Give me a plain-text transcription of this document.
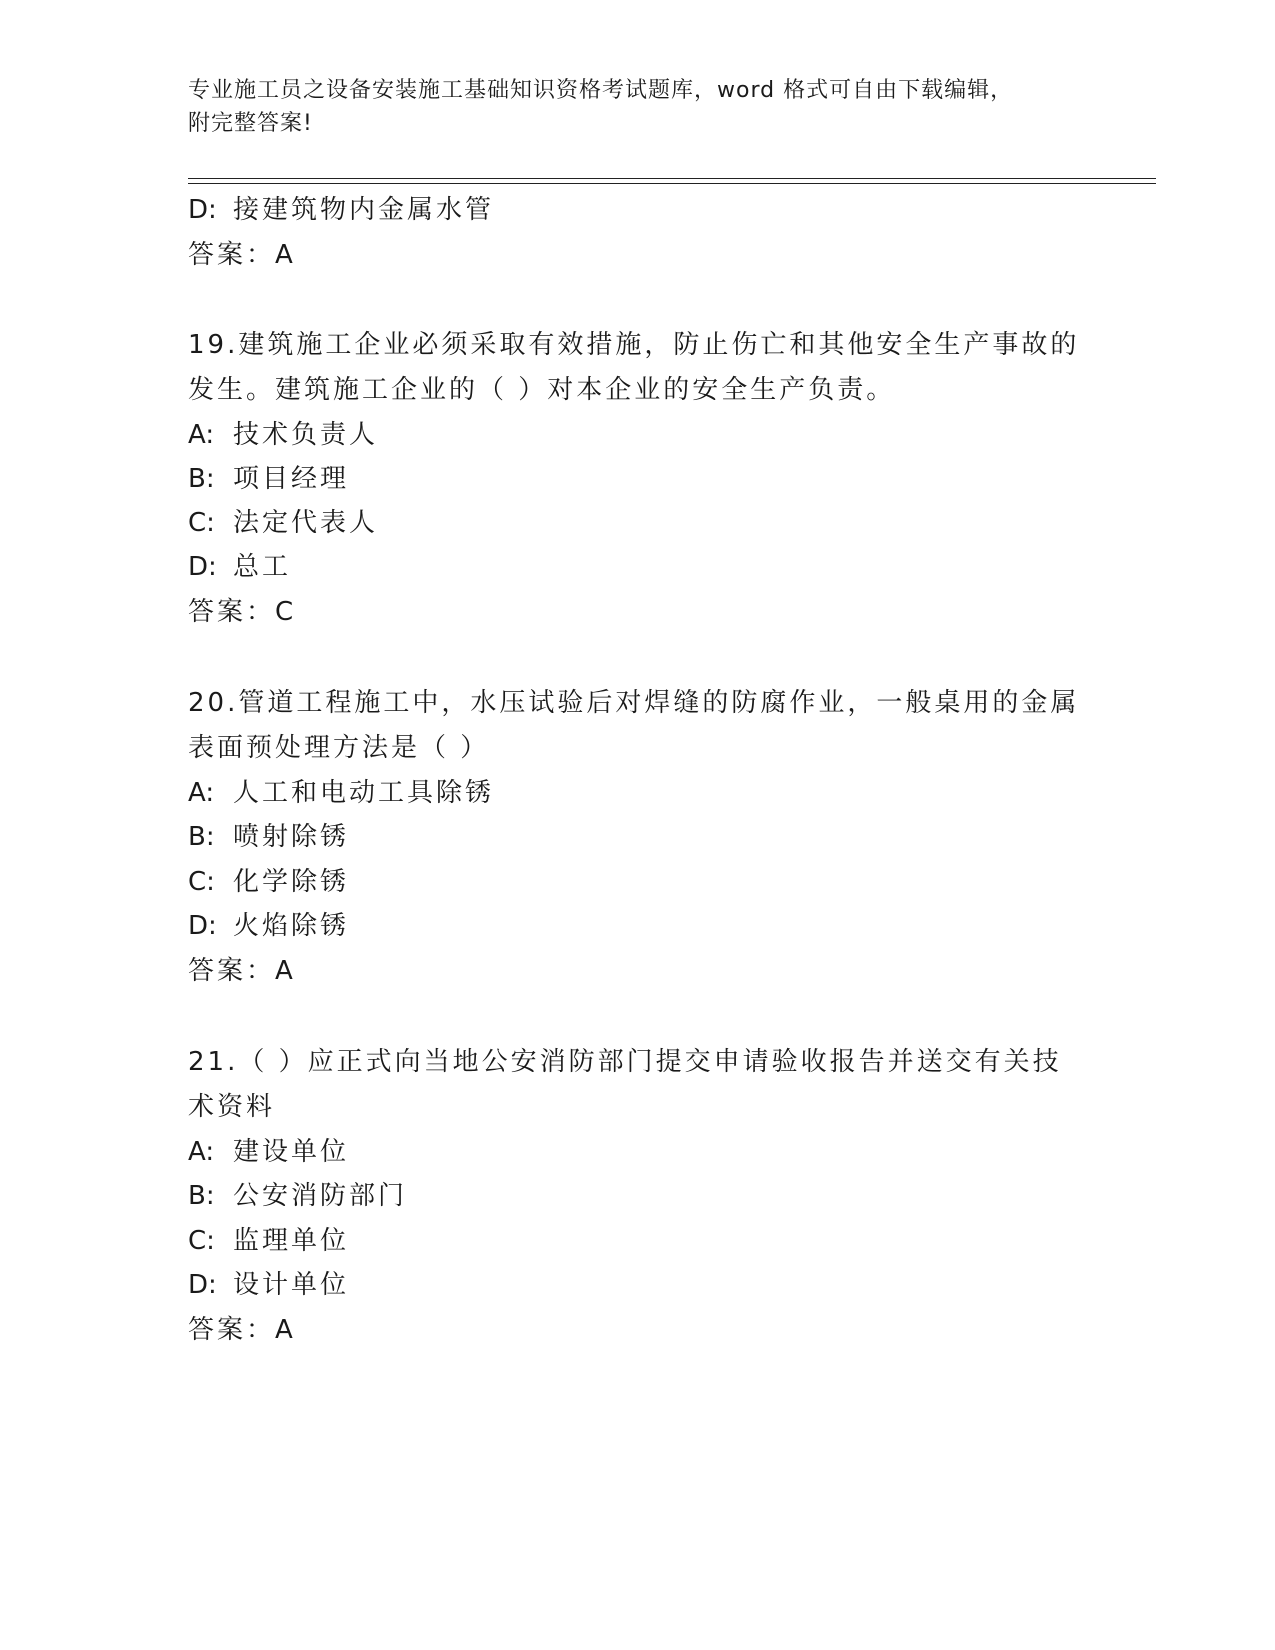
专业施工员之设备安装施工基础知识资格考试题库，word 格式可自由下载编辑，
附完整答案!
D: 接建筑物内金属水管
答案：A
19.建筑施工企业必须采取有效措施，防止伤亡和其他安全生产事故的
发生。建筑施工企业的（ ）对本企业的安全生产负责。
A: 技术负责人
B: 项目经理
C: 法定代表人
D: 总工
答案：C
20.管道工程施工中，水压试验后对焊缝的防腐作业，一般桌用的金属
表面预处理方法是（ ）
A: 人工和电动工具除锈
B: 喷射除锈
C: 化学除锈
D: 火焰除锈
答案：A
21.（ ）应正式向当地公安消防部门提交申请验收报告并送交有关技
术资料
A: 建设单位
B: 公安消防部门
C: 监理单位
D: 设计单位
答案：A
